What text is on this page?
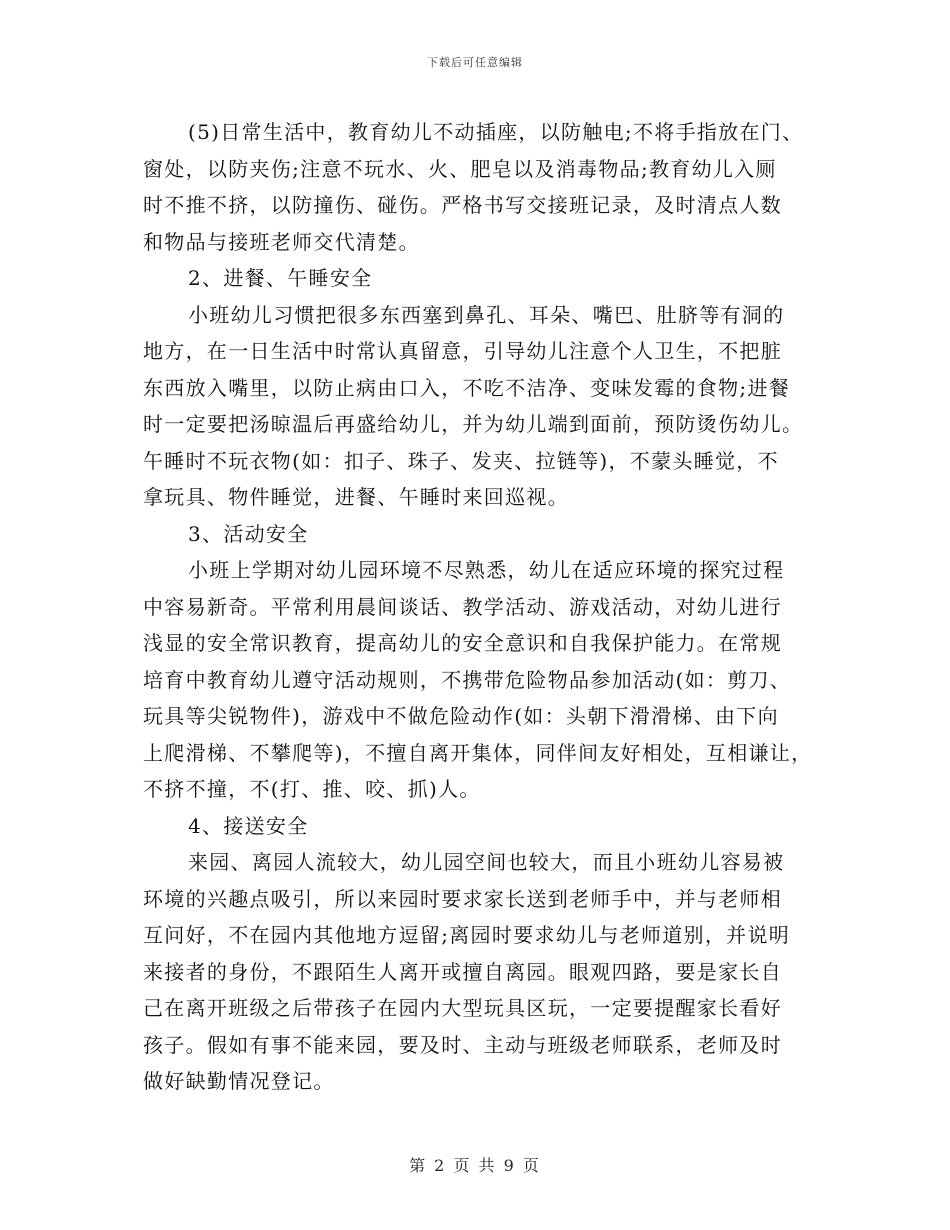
下载后可任意编辑
(5)日常生活中，教育幼儿不动插座，以防触电;不将手指放在门、
窗处，以防夹伤;注意不玩水、火、肥皂以及消毒物品;教育幼儿入厕
时不推不挤，以防撞伤、碰伤。严格书写交接班记录，及时清点人数
和物品与接班老师交代清楚。
2、进餐、午睡安全
小班幼儿习惯把很多东西塞到鼻孔、耳朵、嘴巴、肚脐等有洞的
地方，在一日生活中时常认真留意，引导幼儿注意个人卫生，不把脏
东西放入嘴里，以防止病由口入，不吃不洁净、变味发霉的食物;进餐
时一定要把汤晾温后再盛给幼儿，并为幼儿端到面前，预防烫伤幼儿。
午睡时不玩衣物(如：扣子、珠子、发夹、拉链等)，不蒙头睡觉，不
拿玩具、物件睡觉，进餐、午睡时来回巡视。
3、活动安全
小班上学期对幼儿园环境不尽熟悉，幼儿在适应环境的探究过程
中容易新奇。平常利用晨间谈话、教学活动、游戏活动，对幼儿进行
浅显的安全常识教育，提高幼儿的安全意识和自我保护能力。在常规
培育中教育幼儿遵守活动规则，不携带危险物品参加活动(如：剪刀、
玩具等尖锐物件)，游戏中不做危险动作(如：头朝下滑滑梯、由下向
上爬滑梯、不攀爬等)，不擅自离开集体，同伴间友好相处，互相谦让，
不挤不撞，不(打、推、咬、抓)人。
4、接送安全
来园、离园人流较大，幼儿园空间也较大，而且小班幼儿容易被
环境的兴趣点吸引，所以来园时要求家长送到老师手中，并与老师相
互问好，不在园内其他地方逗留;离园时要求幼儿与老师道别，并说明
来接者的身份，不跟陌生人离开或擅自离园。眼观四路，要是家长自
己在离开班级之后带孩子在园内大型玩具区玩，一定要提醒家长看好
孩子。假如有事不能来园，要及时、主动与班级老师联系，老师及时
做好缺勤情况登记。
第 2 页 共 9 页
